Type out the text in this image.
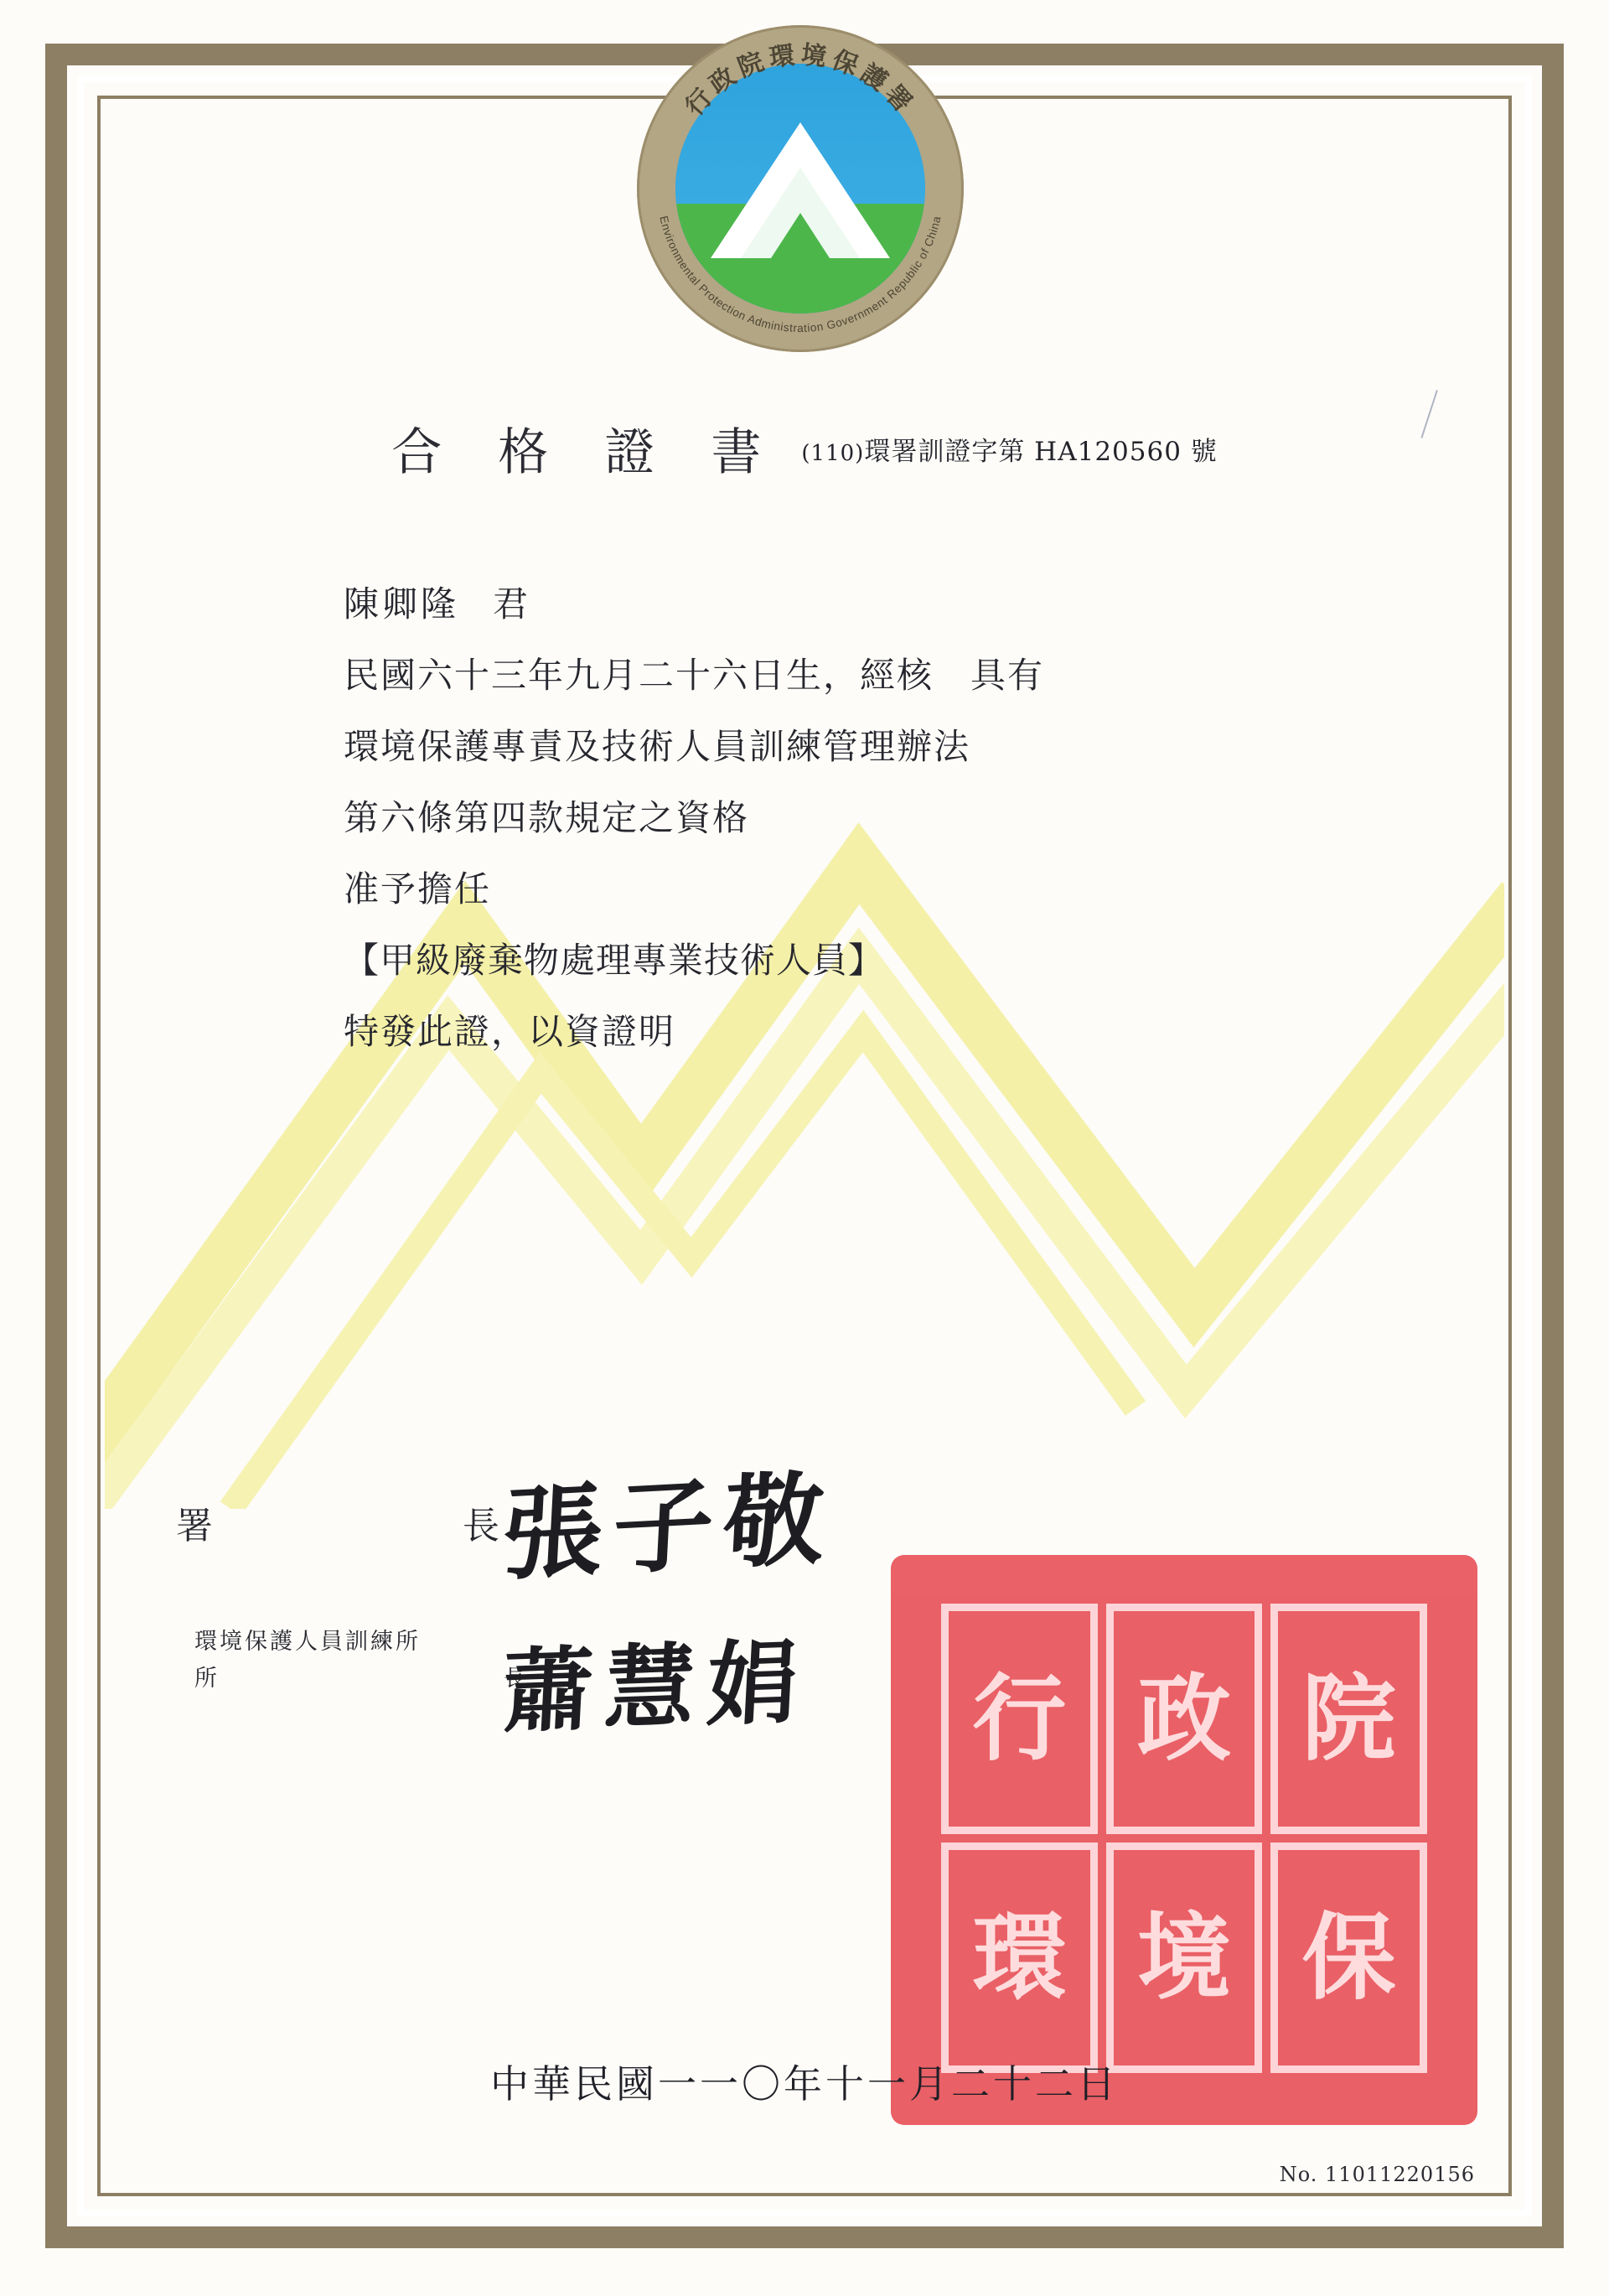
行政院環境保護署
Environmental Protection Administration Government Republic of China
合 格 證 書 (110)環署訓證字第 HA120560 號
陳卿隆 君
民國六十三年九月二十六日生，經核　具有
環境保護專責及技術人員訓練管理辦法
第六條第四款規定之資格
准予擔任
【甲級廢棄物處理專業技術人員】
特發此證，以資證明
署　　長
張子敬
環境保護人員訓練所
所　　長
蕭慧娟	行 政 院
環 境 保
中華民國一一〇年十一月二十二日
No. 11011220156
